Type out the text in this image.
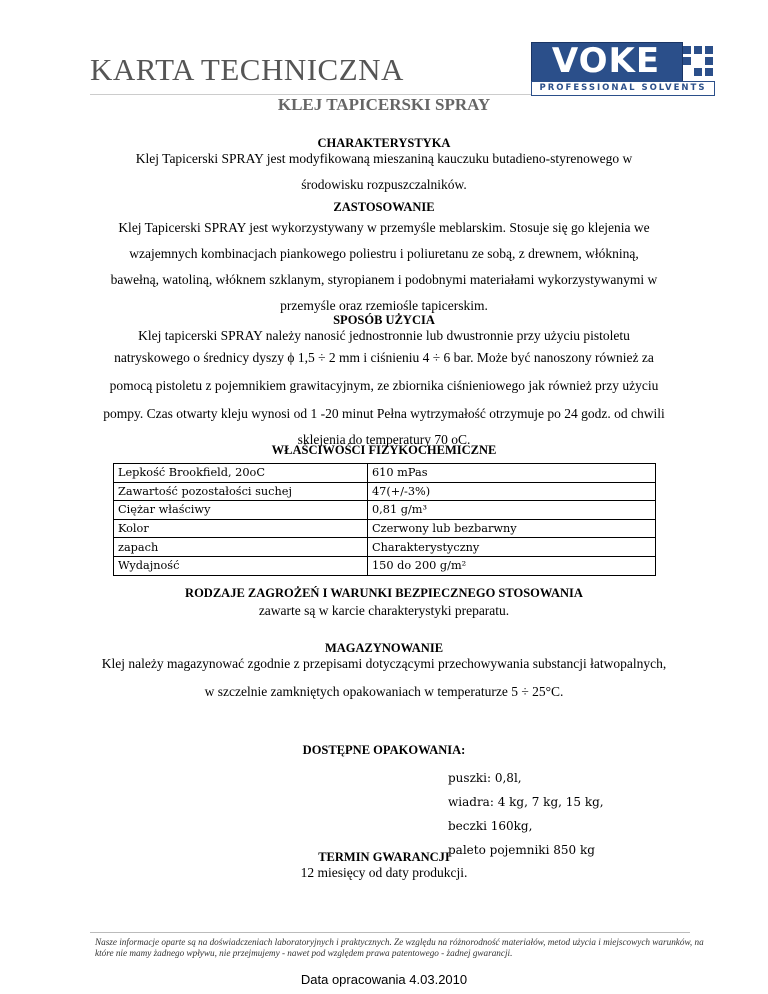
KARTA TECHNICZNA	VOKE
PROFESSIONAL SOLVENTS
KLEJ TAPICERSKI SPRAY
CHARAKTERYSTYKA
Klej Tapicerski SPRAY jest modyfikowaną mieszaniną kauczuku butadieno-styrenowego w
środowisku rozpuszczalników.
ZASTOSOWANIE
Klej Tapicerski SPRAY jest wykorzystywany w przemyśle meblarskim. Stosuje się go klejenia we
wzajemnych kombinacjach piankowego poliestru i poliuretanu ze sobą, z drewnem, włókniną,
bawełną, watoliną, włóknem szklanym, styropianem i podobnymi materiałami wykorzystywanymi w
przemyśle oraz rzemiośle tapicerskim.
SPOSÓB UŻYCIA
Klej tapicerski SPRAY należy nanosić jednostronnie lub dwustronnie przy użyciu pistoletu
natryskowego o średnicy dyszy ϕ 1,5 ÷ 2 mm i ciśnieniu 4 ÷ 6 bar. Może być nanoszony również za
pomocą pistoletu z pojemnikiem grawitacyjnym, ze zbiornika ciśnieniowego jak również przy użyciu
pompy. Czas otwarty kleju wynosi od 1 -20 minut Pełna wytrzymałość otrzymuje po 24 godz. od chwili
sklejenia do temperatury 70 oC.
WŁAŚCIWOŚCI FIZYKOCHEMICZNE
Lepkość Brookfield, 20oC	610 mPas
Zawartość pozostałości suchej	47(+/-3%)
Ciężar właściwy	0,81 g/m³
Kolor	Czerwony lub bezbarwny
zapach	Charakterystyczny
Wydajność	150 do 200 g/m²
RODZAJE ZAGROŻEŃ I WARUNKI BEZPIECZNEGO STOSOWANIA
zawarte są w karcie charakterystyki preparatu.
MAGAZYNOWANIE
Klej należy magazynować zgodnie z przepisami dotyczącymi przechowywania substancji łatwopalnych,
w szczelnie zamkniętych opakowaniach w temperaturze 5 ÷ 25°C.
DOSTĘPNE OPAKOWANIA:
puszki: 0,8l,
wiadra: 4 kg, 7 kg, 15 kg,
beczki 160kg,
paleto pojemniki 850 kg
TERMIN GWARANCJI
12 miesięcy od daty produkcji.
Nasze informacje oparte są na doświadczeniach laboratoryjnych i praktycznych. Ze względu na różnorodność materiałów, metod użycia i miejscowych warunków, na które nie mamy żadnego wpływu, nie przejmujemy - nawet pod względem prawa patentowego - żadnej gwarancji.
Data opracowania 4.03.2010
